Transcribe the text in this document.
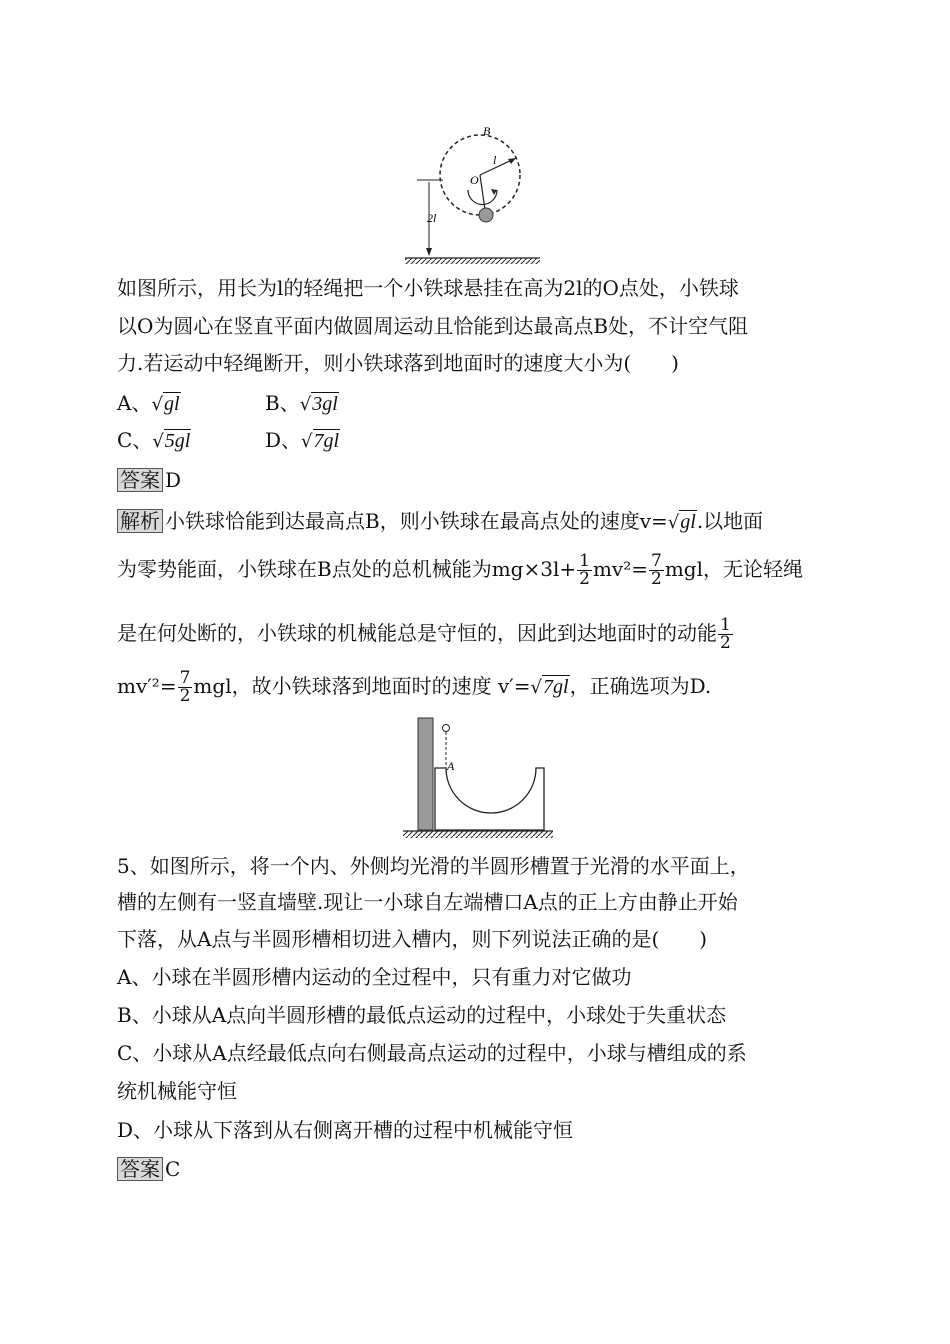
B
O
l
2l
如图所示，用长为l的轻绳把一个小铁球悬挂在高为2l的O点处，小铁球
以O为圆心在竖直平面内做圆周运动且恰能到达最高点B处，不计空气阻
力.若运动中轻绳断开，则小铁球落到地面时的速度大小为(　　)
A、√gl	B、√3gl
C、√5gl	D、√7gl
答案 D
解析 小铁球恰能到达最高点B，则小铁球在最高点处的速度v=√gl.以地面
为零势能面，小铁球在B点处的总机械能为$mg\times 3l+ \frac{1}{2} mv^2= \frac{7}{2}$ mgl，无论轻绳
是在何处断的，小铁球的机械能总是守恒的，因此到达地面时的动能 $\frac{1}{2}$
$mv'^2= \frac{7}{2}$ mgl，故小铁球落到地面时的速度 v′=√7gl，正确选项为D.
A
5、如图所示，将一个内、外侧均光滑的半圆形槽置于光滑的水平面上，
槽的左侧有一竖直墙壁.现让一小球自左端槽口A点的正上方由静止开始
下落，从A点与半圆形槽相切进入槽内，则下列说法正确的是(　　)
A、小球在半圆形槽内运动的全过程中，只有重力对它做功
B、小球从A点向半圆形槽的最低点运动的过程中，小球处于失重状态
C、小球从A点经最低点向右侧最高点运动的过程中，小球与槽组成的系
统机械能守恒
D、小球从下落到从右侧离开槽的过程中机械能守恒
答案 C
